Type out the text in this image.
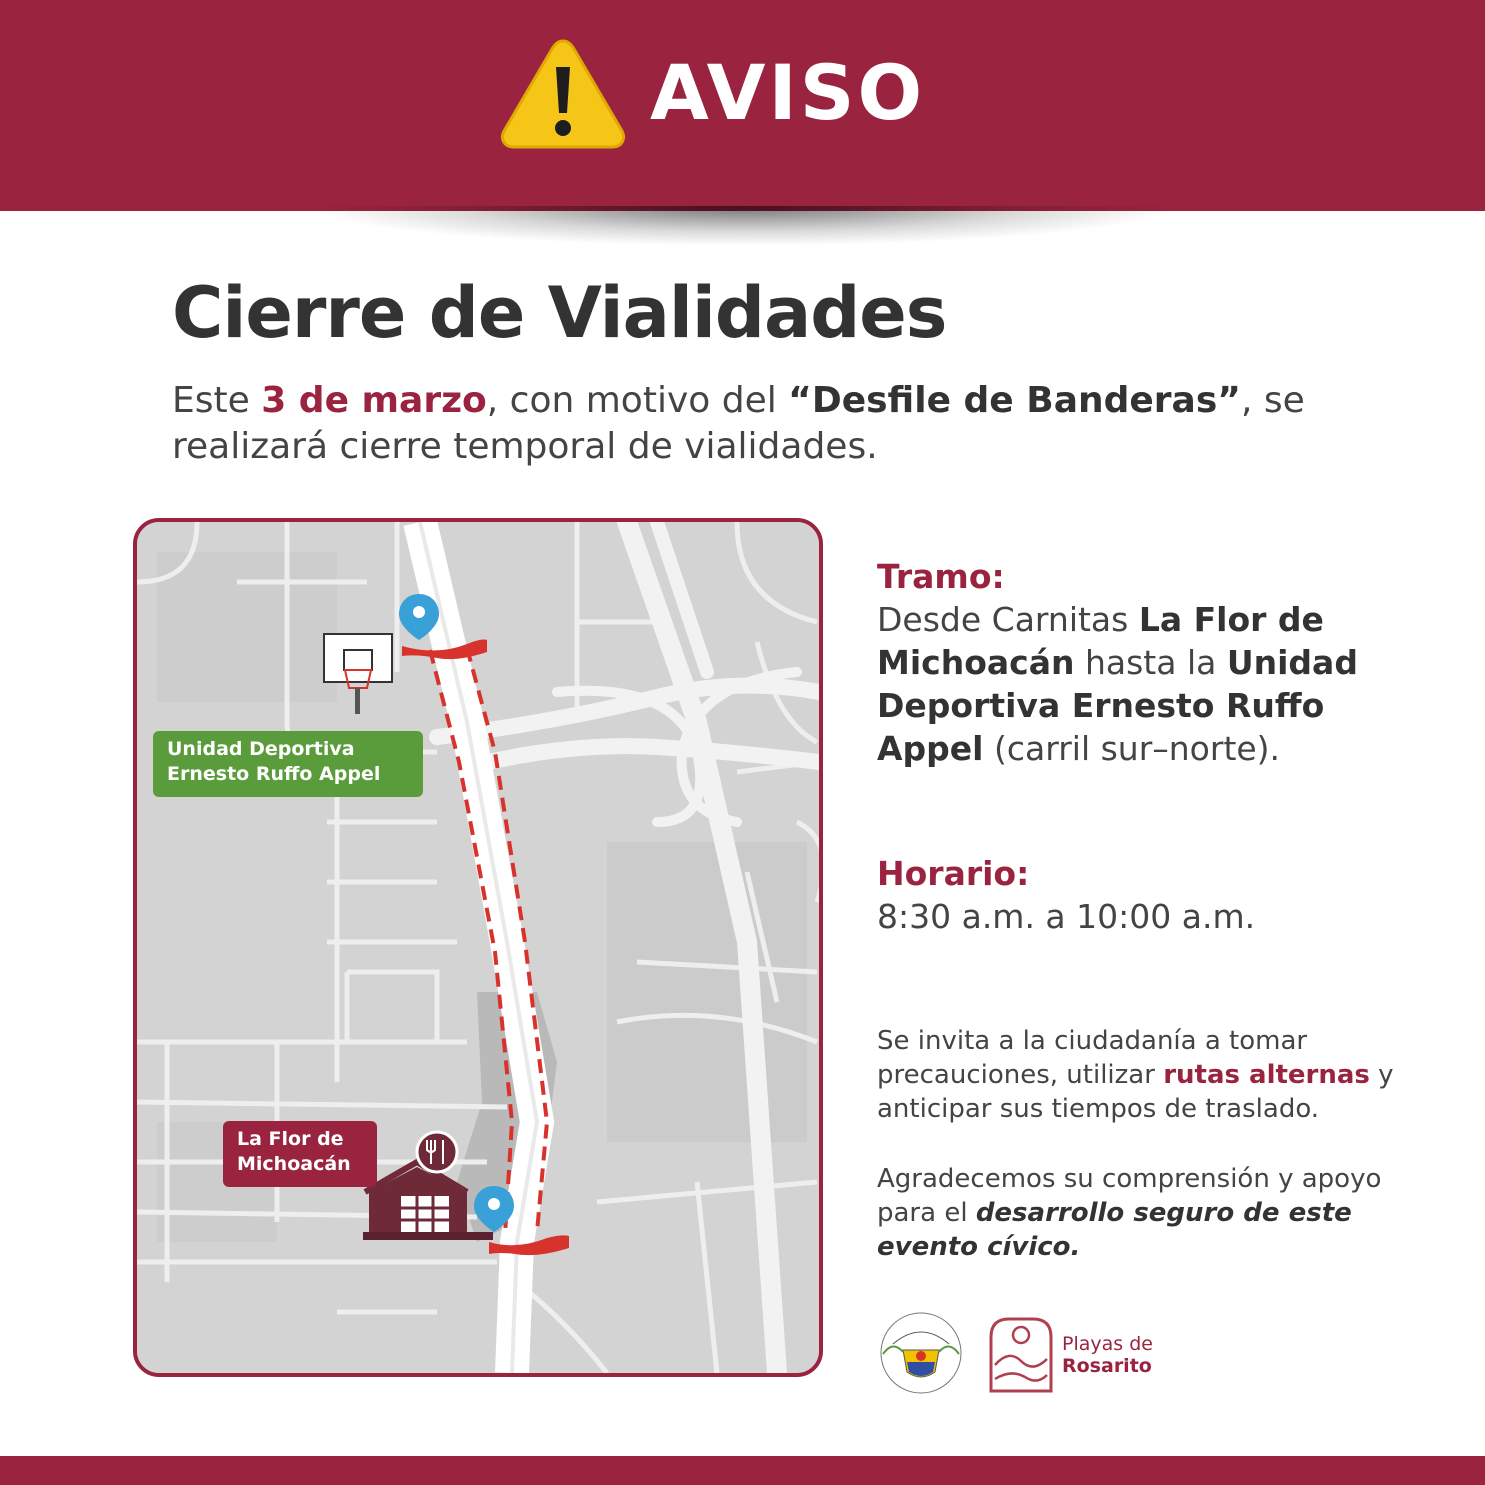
AVISO
Cierre de Vialidades
Este 3 de marzo, con motivo del “Desfile de Banderas”, se realizará cierre temporal de vialidades.
Unidad Deportiva
Ernesto Ruffo Appel
La Flor de
Michoacán
Tramo:
Desde Carnitas La Flor de Michoacán hasta la Unidad Deportiva Ernesto Ruffo Appel (carril sur–norte).
Horario:
8:30 a.m. a 10:00 a.m.
Se invita a la ciudadanía a tomar precauciones, utilizar rutas alternas y anticipar sus tiempos de traslado.
Agradecemos su comprensión y apoyo para el desarrollo seguro de este evento cívico.
Playas de
Rosarito
